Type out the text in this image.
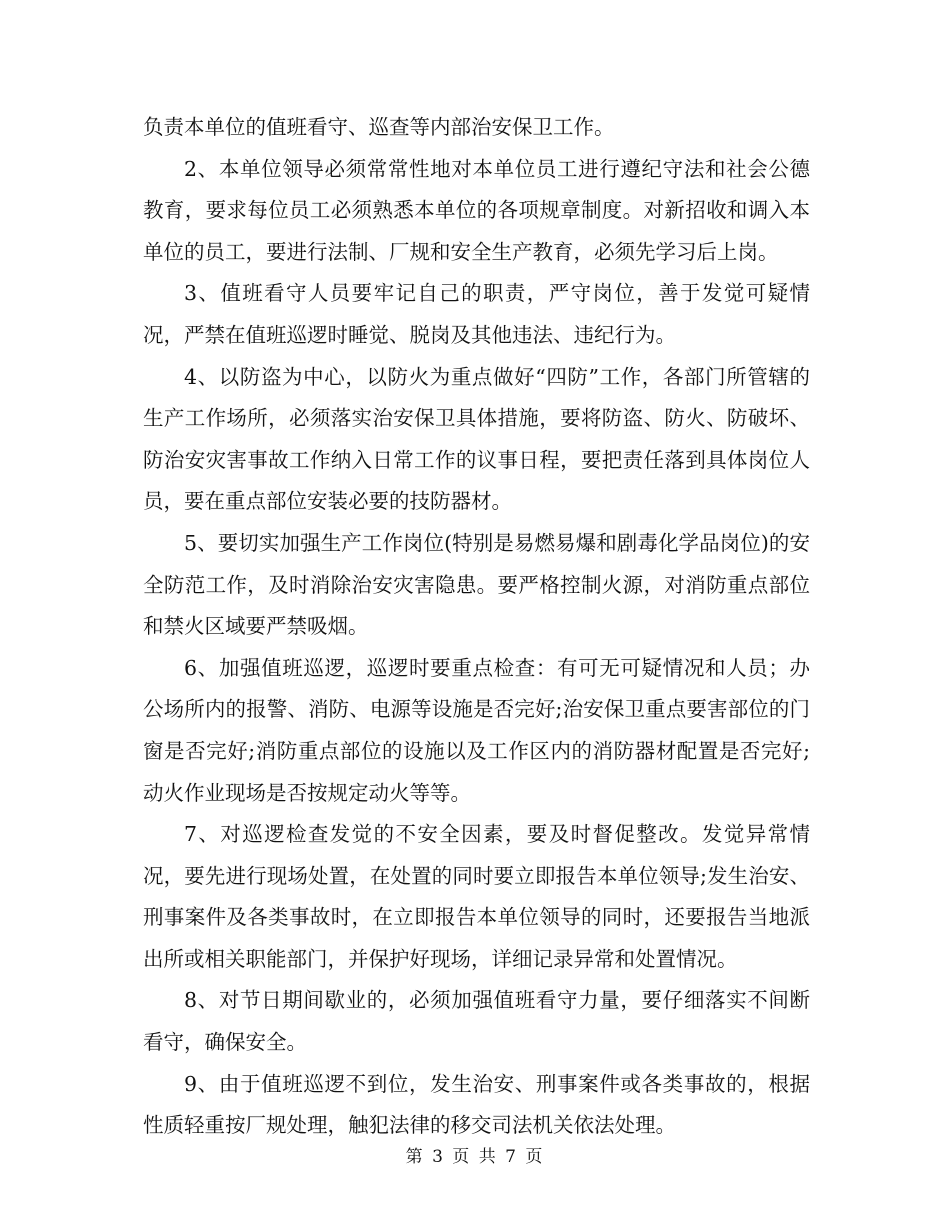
负责本单位的值班看守、巡查等内部治安保卫工作。

2、本单位领导必须常常性地对本单位员工进行遵纪守法和社会公德教育，要求每位员工必须熟悉本单位的各项规章制度。对新招收和调入本单位的员工，要进行法制、厂规和安全生产教育，必须先学习后上岗。

3、值班看守人员要牢记自己的职责，严守岗位，善于发觉可疑情况，严禁在值班巡逻时睡觉、脱岗及其他违法、违纪行为。

4、以防盗为中心，以防火为重点做好“四防”工作，各部门所管辖的生产工作场所，必须落实治安保卫具体措施，要将防盗、防火、防破坏、防治安灾害事故工作纳入日常工作的议事日程，要把责任落到具体岗位人员，要在重点部位安装必要的技防器材。

5、要切实加强生产工作岗位(特别是易燃易爆和剧毒化学品岗位)的安全防范工作，及时消除治安灾害隐患。要严格控制火源，对消防重点部位和禁火区域要严禁吸烟。

6、加强值班巡逻，巡逻时要重点检查：有可无可疑情况和人员；办公场所内的报警、消防、电源等设施是否完好;治安保卫重点要害部位的门窗是否完好;消防重点部位的设施以及工作区内的消防器材配置是否完好;动火作业现场是否按规定动火等等。

7、对巡逻检查发觉的不安全因素，要及时督促整改。发觉异常情况，要先进行现场处置，在处置的同时要立即报告本单位领导;发生治安、刑事案件及各类事故时，在立即报告本单位领导的同时，还要报告当地派出所或相关职能部门，并保护好现场，详细记录异常和处置情况。

8、对节日期间歇业的，必须加强值班看守力量，要仔细落实不间断看守，确保安全。

9、由于值班巡逻不到位，发生治安、刑事案件或各类事故的，根据性质轻重按厂规处理，触犯法律的移交司法机关依法处理。

第 3 页 共 7 页
